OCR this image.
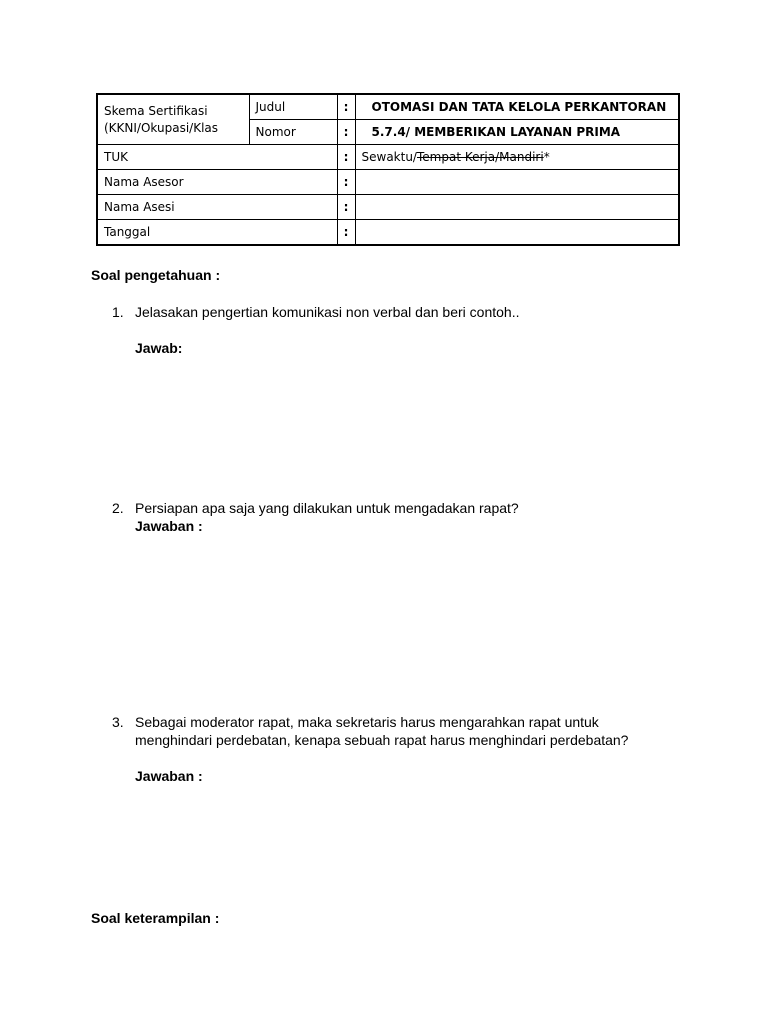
Skema Sertifikasi
(KKNI/Okupasi/Klas	Judul	:	OTOMASI DAN TATA KELOLA PERKANTORAN
	Nomor	:	5.7.4/ MEMBERIKAN LAYANAN PRIMA
TUK		:	Sewaktu/Tempat Kerja/Mandiri*
Nama Asesor		:	
Nama Asesi		:	
Tanggal		:	
Soal pengetahuan :
1. Jelasakan pengertian komunikasi non verbal dan beri contoh..
Jawab:
2. Persiapan apa saja yang dilakukan untuk mengadakan rapat?
Jawaban :
3. Sebagai moderator rapat, maka sekretaris harus mengarahkan rapat untuk
menghindari perdebatan, kenapa sebuah rapat harus menghindari perdebatan?
Jawaban :
Soal keterampilan :
